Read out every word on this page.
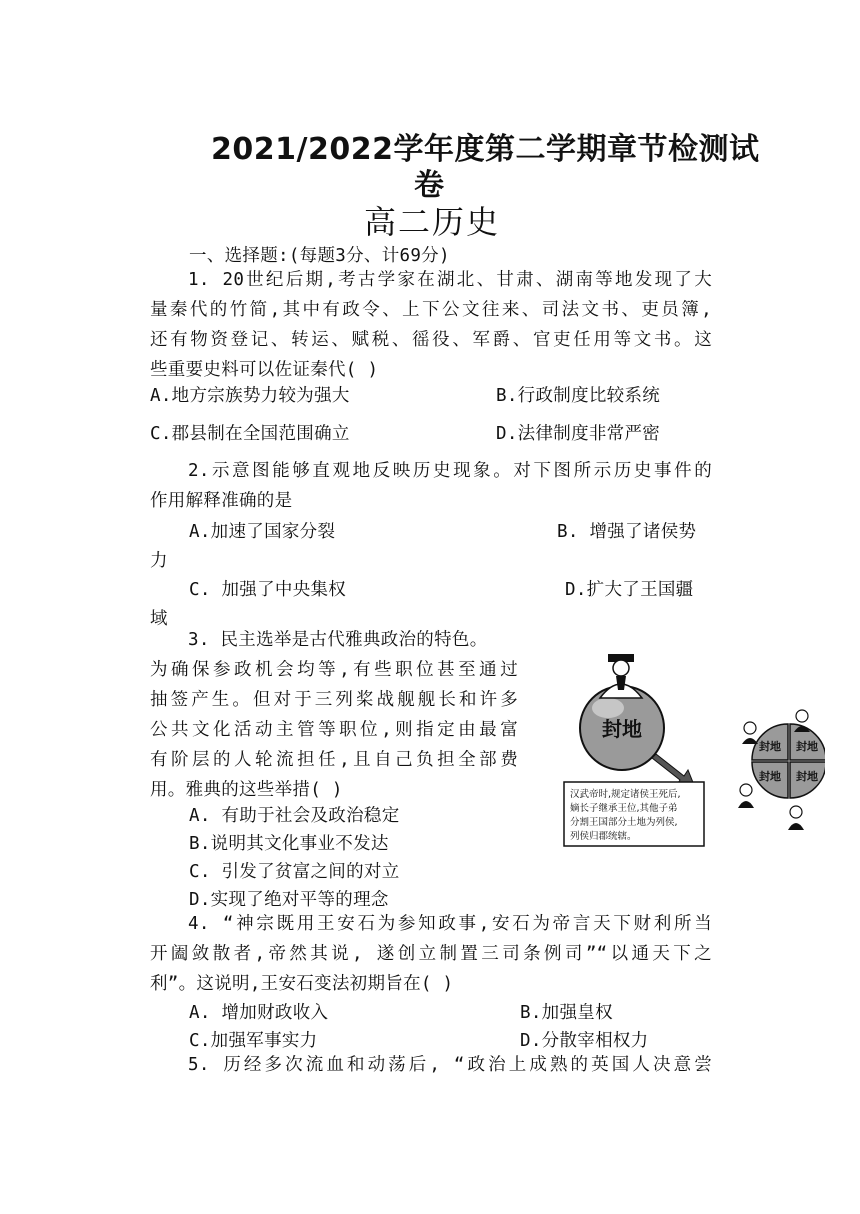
2021/2022学年度第二学期章节检测试
卷
高二历史
一、选择题:(每题3分、计69分)
1. 20世纪后期,考古学家在湖北、甘肃、湖南等地发现了大
量秦代的竹简,其中有政令、上下公文往来、司法文书、吏员簿,
还有物资登记、转运、赋税、徭役、军爵、官吏任用等文书。这
些重要史料可以佐证秦代( )
A.地方宗族势力较为强大	B.行政制度比较系统
C.郡县制在全国范围确立	D.法律制度非常严密
2.示意图能够直观地反映历史现象。对下图所示历史事件的
作用解释准确的是
A.加速了国家分裂	B. 增强了诸侯势
力
C. 加强了中央集权	D.扩大了王国疆
域
3. 民主选举是古代雅典政治的特色。
为确保参政机会均等,有些职位甚至通过
抽签产生。但对于三列桨战舰舰长和许多
公共文化活动主管等职位,则指定由最富
有阶层的人轮流担任,且自己负担全部费
用。雅典的这些举措( )
A. 有助于社会及政治稳定
B.说明其文化事业不发达
C. 引发了贫富之间的对立
D.实现了绝对平等的理念
封地
封地 封地
封地 封地
汉武帝时,规定诸侯王死后,
嫡长子继承王位,其他子弟
分割王国部分土地为列侯,
列侯归郡统辖。
4. “神宗既用王安石为参知政事,安石为帝言天下财利所当
开阖敛散者,帝然其说, 遂创立制置三司条例司”“以通天下之
利”。这说明,王安石变法初期旨在( )
A. 增加财政收入	B.加强皇权
C.加强军事实力	D.分散宰相权力
5. 历经多次流血和动荡后, “政治上成熟的英国人决意尝
